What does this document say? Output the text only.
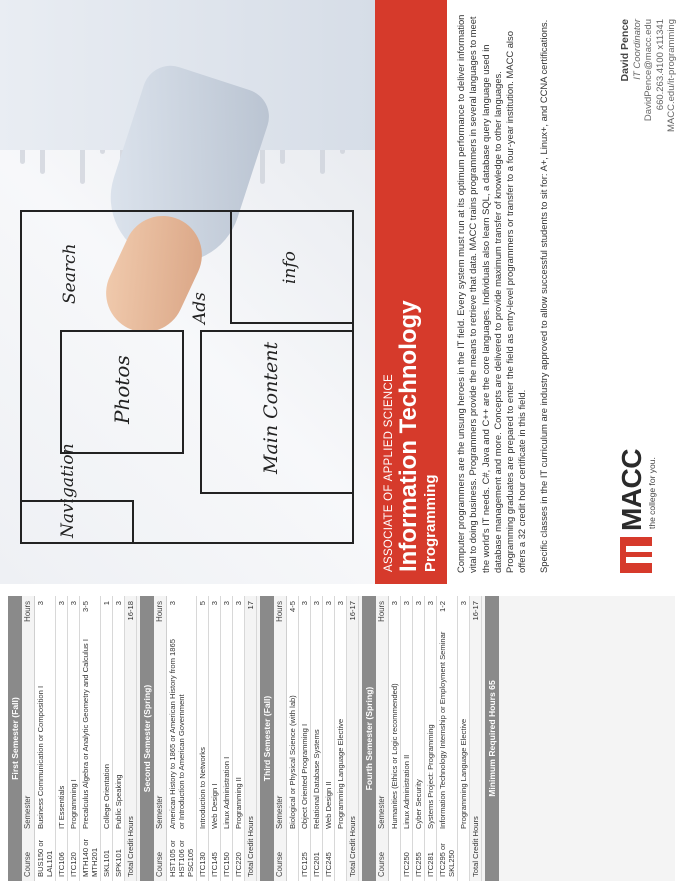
First Semester (Fall)
Course
Semester
Hours
BUS150 or LAL101
Business Communication or Composition I
3
ITC106
IT Essentials
3
ITC120
Programming I
3
MTH140 or MTH201
Precalculus Algebra or Analytic Geometry and Calculus I
3-5
SKL101
College Orientation
1
SPK101
Public Speaking
3
Total Credit Hours
16-18
Second Semester (Spring)
Course
Semester
Hours
HST105 or HST106 or PSC105
American History to 1865 or American History from 1865 or Introduction to American Government
3
ITC130
Introduction to Networks
5
ITC145
Web Design I
3
ITC150
Linux Administration I
3
ITC220
Programming II
3
Total Credit Hours
17
Third Semester (Fall)
Course
Semester
Hours
Biological or Physical Science (with lab)
4-5
ITC125
Object Oriented Programming I
3
ITC201
Relational Database Systems
3
ITC245
Web Design II
3
Programming Language Elective
3
Total Credit Hours
16-17
Fourth Semester (Spring)
Course
Semester
Hours
Humanities (Ethics or Logic recommended)
3
ITC250
Linux Administration II
3
ITC255
Cyber Security
3
ITC281
Systems Project: Programming
3
ITC295 or SKL250
Information Technology Internship or Employment Seminar
1-2
Programming Language Elective
3
Total Credit Hours
16-17
Minimum Required Hours 65
Navigation
Search
Photos
info
Ads
Main Content	ASSOCIATE OF APPLIED SCIENCE Information Technology Programming Computer programmers are the unsung heroes in the IT field. Every system must run at its optimum performance to deliver information vital to doing business. Programmers provide the means to retrieve that data. MACC trains programmers in several languages to meet the world's IT needs. C#, Java and C++ are the core languages. Individuals also learn SQL, a database query language used in database management and more. Concepts are delivered to provide maximum transfer of knowledge to other languages. Programming graduates are prepared to enter the field as entry-level programmers or transfer to a four-year institution. MACC also offers a 32 credit hour certificate in this field. Specific classes in the IT curriculum are industry approved to allow successful students to sit for: A+, Linux+, and CCNA certifications. MACC the college for you.
David Pence IT Coordinator DavidPence@macc.edu 660.263.4100 x11341 MACC.edu/it-programming
